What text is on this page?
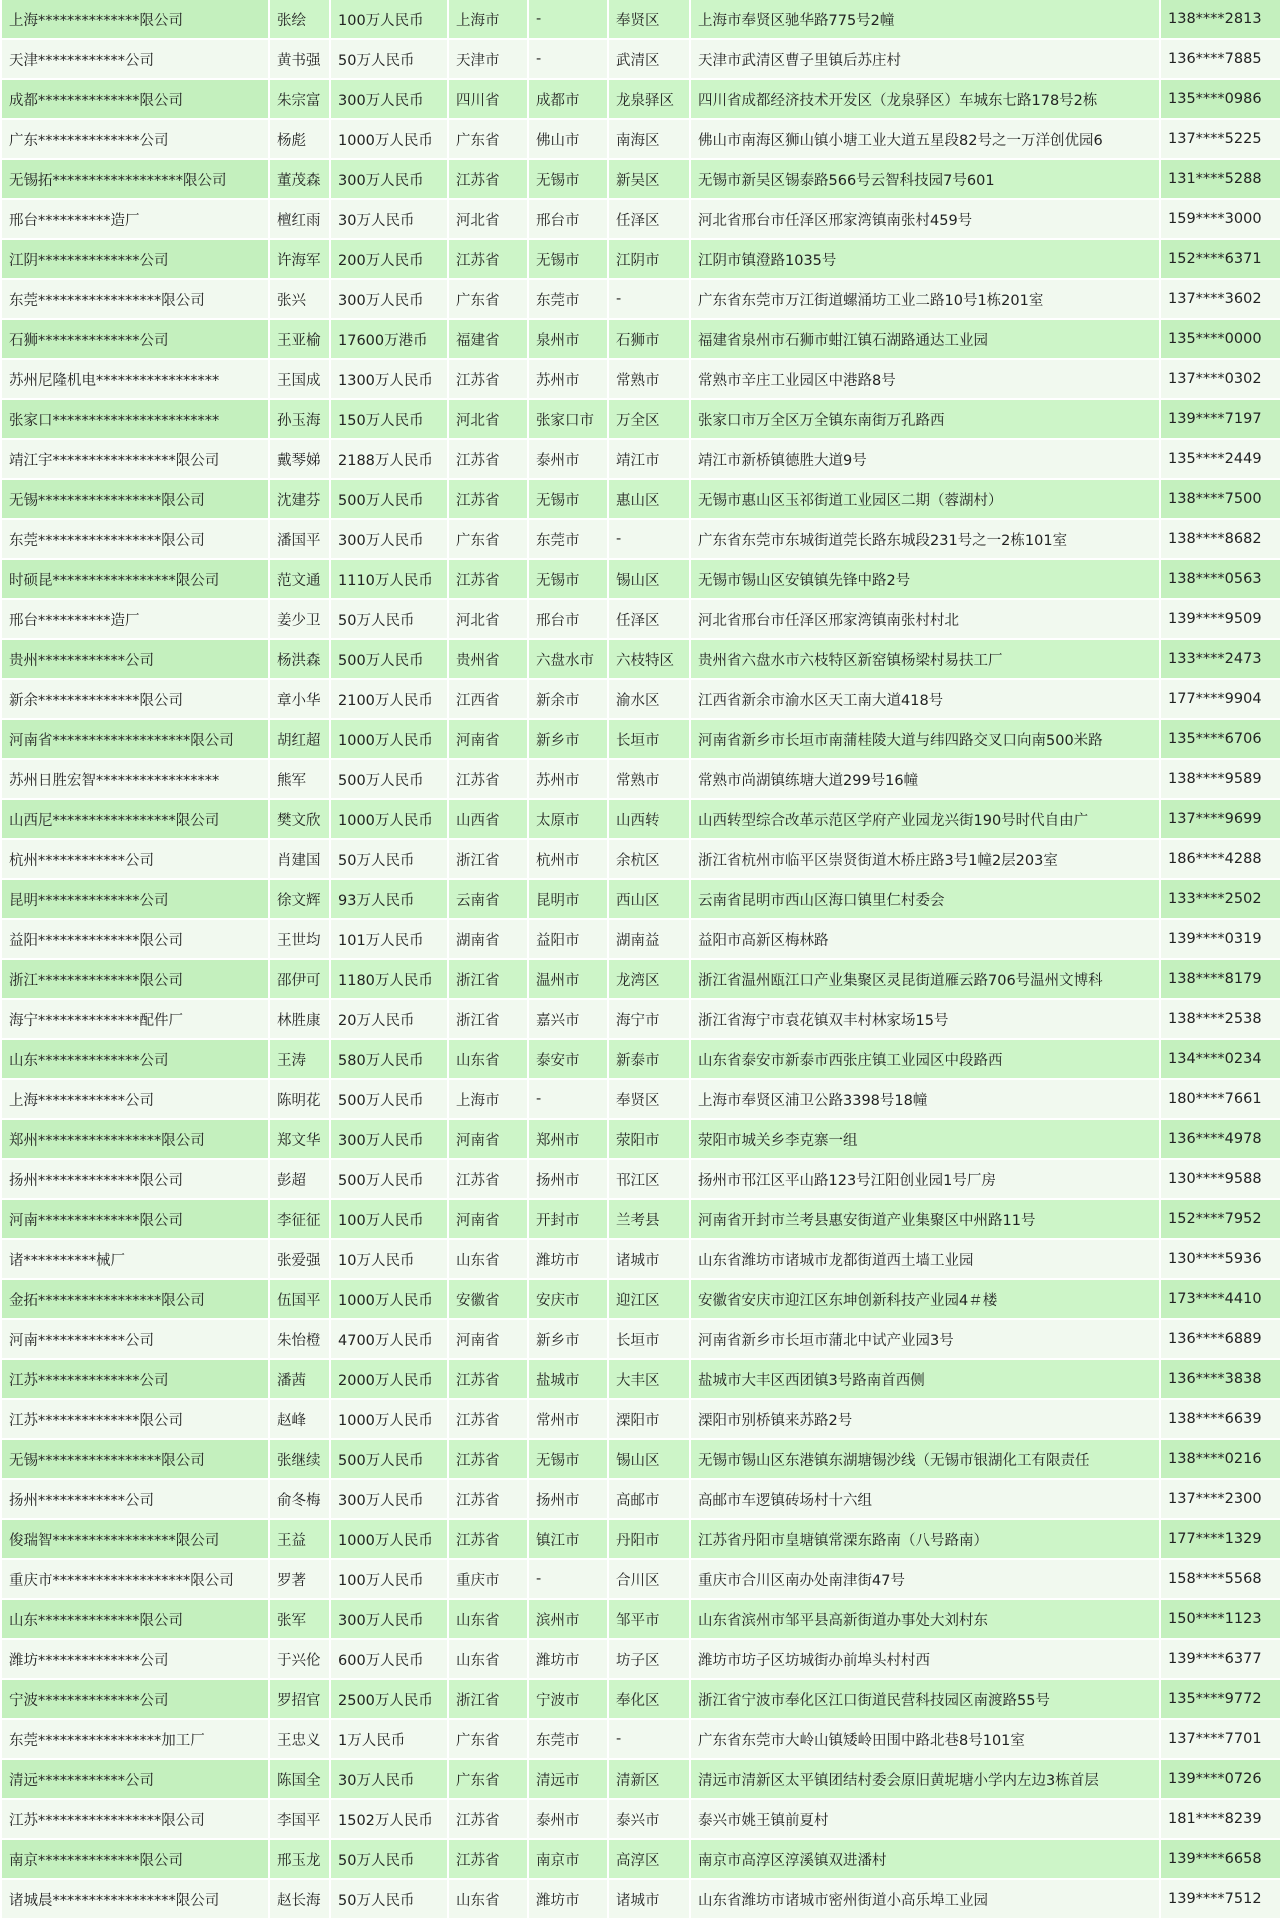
上海**************限公司	张绘	100万人民币	上海市	-	奉贤区	上海市奉贤区驰华路775号2幢	138****2813
天津************公司	黄书强	50万人民币	天津市	-	武清区	天津市武清区曹子里镇后苏庄村	136****7885
成都**************限公司	朱宗富	300万人民币	四川省	成都市	龙泉驿区	四川省成都经济技术开发区（龙泉驿区）车城东七路178号2栋	135****0986
广东**************公司	杨彪	1000万人民币	广东省	佛山市	南海区	佛山市南海区狮山镇小塘工业大道五星段82号之一万洋创优园6	137****5225
无锡拓******************限公司	董茂森	300万人民币	江苏省	无锡市	新吴区	无锡市新吴区锡泰路566号云智科技园7号601	131****5288
邢台**********造厂	檀红雨	30万人民币	河北省	邢台市	任泽区	河北省邢台市任泽区邢家湾镇南张村459号	159****3000
江阴**************公司	许海军	200万人民币	江苏省	无锡市	江阴市	江阴市镇澄路1035号	152****6371
东莞*****************限公司	张兴	300万人民币	广东省	东莞市	-	广东省东莞市万江街道螺涌坊工业二路10号1栋201室	137****3602
石狮**************公司	王亚榆	17600万港币	福建省	泉州市	石狮市	福建省泉州市石狮市蚶江镇石湖路通达工业园	135****0000
苏州尼隆机电*****************	王国成	1300万人民币	江苏省	苏州市	常熟市	常熟市辛庄工业园区中港路8号	137****0302
张家口***********************	孙玉海	150万人民币	河北省	张家口市	万全区	张家口市万全区万全镇东南街万孔路西	139****7197
靖江宇*****************限公司	戴琴娣	2188万人民币	江苏省	泰州市	靖江市	靖江市新桥镇德胜大道9号	135****2449
无锡*****************限公司	沈建芬	500万人民币	江苏省	无锡市	惠山区	无锡市惠山区玉祁街道工业园区二期（蓉湖村）	138****7500
东莞*****************限公司	潘国平	300万人民币	广东省	东莞市	-	广东省东莞市东城街道莞长路东城段231号之一2栋101室	138****8682
时硕昆*****************限公司	范文通	1110万人民币	江苏省	无锡市	锡山区	无锡市锡山区安镇镇先锋中路2号	138****0563
邢台**********造厂	姜少卫	50万人民币	河北省	邢台市	任泽区	河北省邢台市任泽区邢家湾镇南张村村北	139****9509
贵州************公司	杨洪森	500万人民币	贵州省	六盘水市	六枝特区	贵州省六盘水市六枝特区新窑镇杨梁村易扶工厂	133****2473
新余**************限公司	章小华	2100万人民币	江西省	新余市	渝水区	江西省新余市渝水区天工南大道418号	177****9904
河南省*******************限公司	胡红超	1000万人民币	河南省	新乡市	长垣市	河南省新乡市长垣市南蒲桂陵大道与纬四路交叉口向南500米路	135****6706
苏州日胜宏智*****************	熊军	500万人民币	江苏省	苏州市	常熟市	常熟市尚湖镇练塘大道299号16幢	138****9589
山西尼*****************限公司	樊文欣	1000万人民币	山西省	太原市	山西转	山西转型综合改革示范区学府产业园龙兴街190号时代自由广	137****9699
杭州************公司	肖建国	50万人民币	浙江省	杭州市	余杭区	浙江省杭州市临平区崇贤街道木桥庄路3号1幢2层203室	186****4288
昆明**************公司	徐文辉	93万人民币	云南省	昆明市	西山区	云南省昆明市西山区海口镇里仁村委会	133****2502
益阳**************限公司	王世均	101万人民币	湖南省	益阳市	湖南益	益阳市高新区梅林路	139****0319
浙江**************限公司	邵伊可	1180万人民币	浙江省	温州市	龙湾区	浙江省温州瓯江口产业集聚区灵昆街道雁云路706号温州文博科	138****8179
海宁**************配件厂	林胜康	20万人民币	浙江省	嘉兴市	海宁市	浙江省海宁市袁花镇双丰村林家场15号	138****2538
山东**************公司	王涛	580万人民币	山东省	泰安市	新泰市	山东省泰安市新泰市西张庄镇工业园区中段路西	134****0234
上海************公司	陈明花	500万人民币	上海市	-	奉贤区	上海市奉贤区浦卫公路3398号18幢	180****7661
郑州*****************限公司	郑文华	300万人民币	河南省	郑州市	荥阳市	荥阳市城关乡李克寨一组	136****4978
扬州**************限公司	彭超	500万人民币	江苏省	扬州市	邗江区	扬州市邗江区平山路123号江阳创业园1号厂房	130****9588
河南**************限公司	李征征	100万人民币	河南省	开封市	兰考县	河南省开封市兰考县惠安街道产业集聚区中州路11号	152****7952
诸**********械厂	张爱强	10万人民币	山东省	潍坊市	诸城市	山东省潍坊市诸城市龙都街道西土墙工业园	130****5936
金拓*****************限公司	伍国平	1000万人民币	安徽省	安庆市	迎江区	安徽省安庆市迎江区东坤创新科技产业园4＃楼	173****4410
河南************公司	朱怡橙	4700万人民币	河南省	新乡市	长垣市	河南省新乡市长垣市蒲北中试产业园3号	136****6889
江苏**************公司	潘茜	2000万人民币	江苏省	盐城市	大丰区	盐城市大丰区西团镇3号路南首西侧	136****3838
江苏**************限公司	赵峰	1000万人民币	江苏省	常州市	溧阳市	溧阳市别桥镇来苏路2号	138****6639
无锡*****************限公司	张继续	500万人民币	江苏省	无锡市	锡山区	无锡市锡山区东港镇东湖塘锡沙线（无锡市银湖化工有限责任	138****0216
扬州************公司	俞冬梅	300万人民币	江苏省	扬州市	高邮市	高邮市车逻镇砖场村十六组	137****2300
俊瑞智*****************限公司	王益	1000万人民币	江苏省	镇江市	丹阳市	江苏省丹阳市皇塘镇常溧东路南（八号路南）	177****1329
重庆市*******************限公司	罗著	100万人民币	重庆市	-	合川区	重庆市合川区南办处南津街47号	158****5568
山东**************限公司	张军	300万人民币	山东省	滨州市	邹平市	山东省滨州市邹平县高新街道办事处大刘村东	150****1123
潍坊**************公司	于兴伦	600万人民币	山东省	潍坊市	坊子区	潍坊市坊子区坊城街办前埠头村村西	139****6377
宁波**************公司	罗招官	2500万人民币	浙江省	宁波市	奉化区	浙江省宁波市奉化区江口街道民营科技园区南渡路55号	135****9772
东莞*****************加工厂	王忠义	1万人民币	广东省	东莞市	-	广东省东莞市大岭山镇矮岭田围中路北巷8号101室	137****7701
清远************公司	陈国全	30万人民币	广东省	清远市	清新区	清远市清新区太平镇团结村委会原旧黄坭塘小学内左边3栋首层	139****0726
江苏*****************限公司	李国平	1502万人民币	江苏省	泰州市	泰兴市	泰兴市姚王镇前夏村	181****8239
南京**************限公司	邢玉龙	50万人民币	江苏省	南京市	高淳区	南京市高淳区淳溪镇双进潘村	139****6658
诸城晨*****************限公司	赵长海	50万人民币	山东省	潍坊市	诸城市	山东省潍坊市诸城市密州街道小高乐埠工业园	139****7512
